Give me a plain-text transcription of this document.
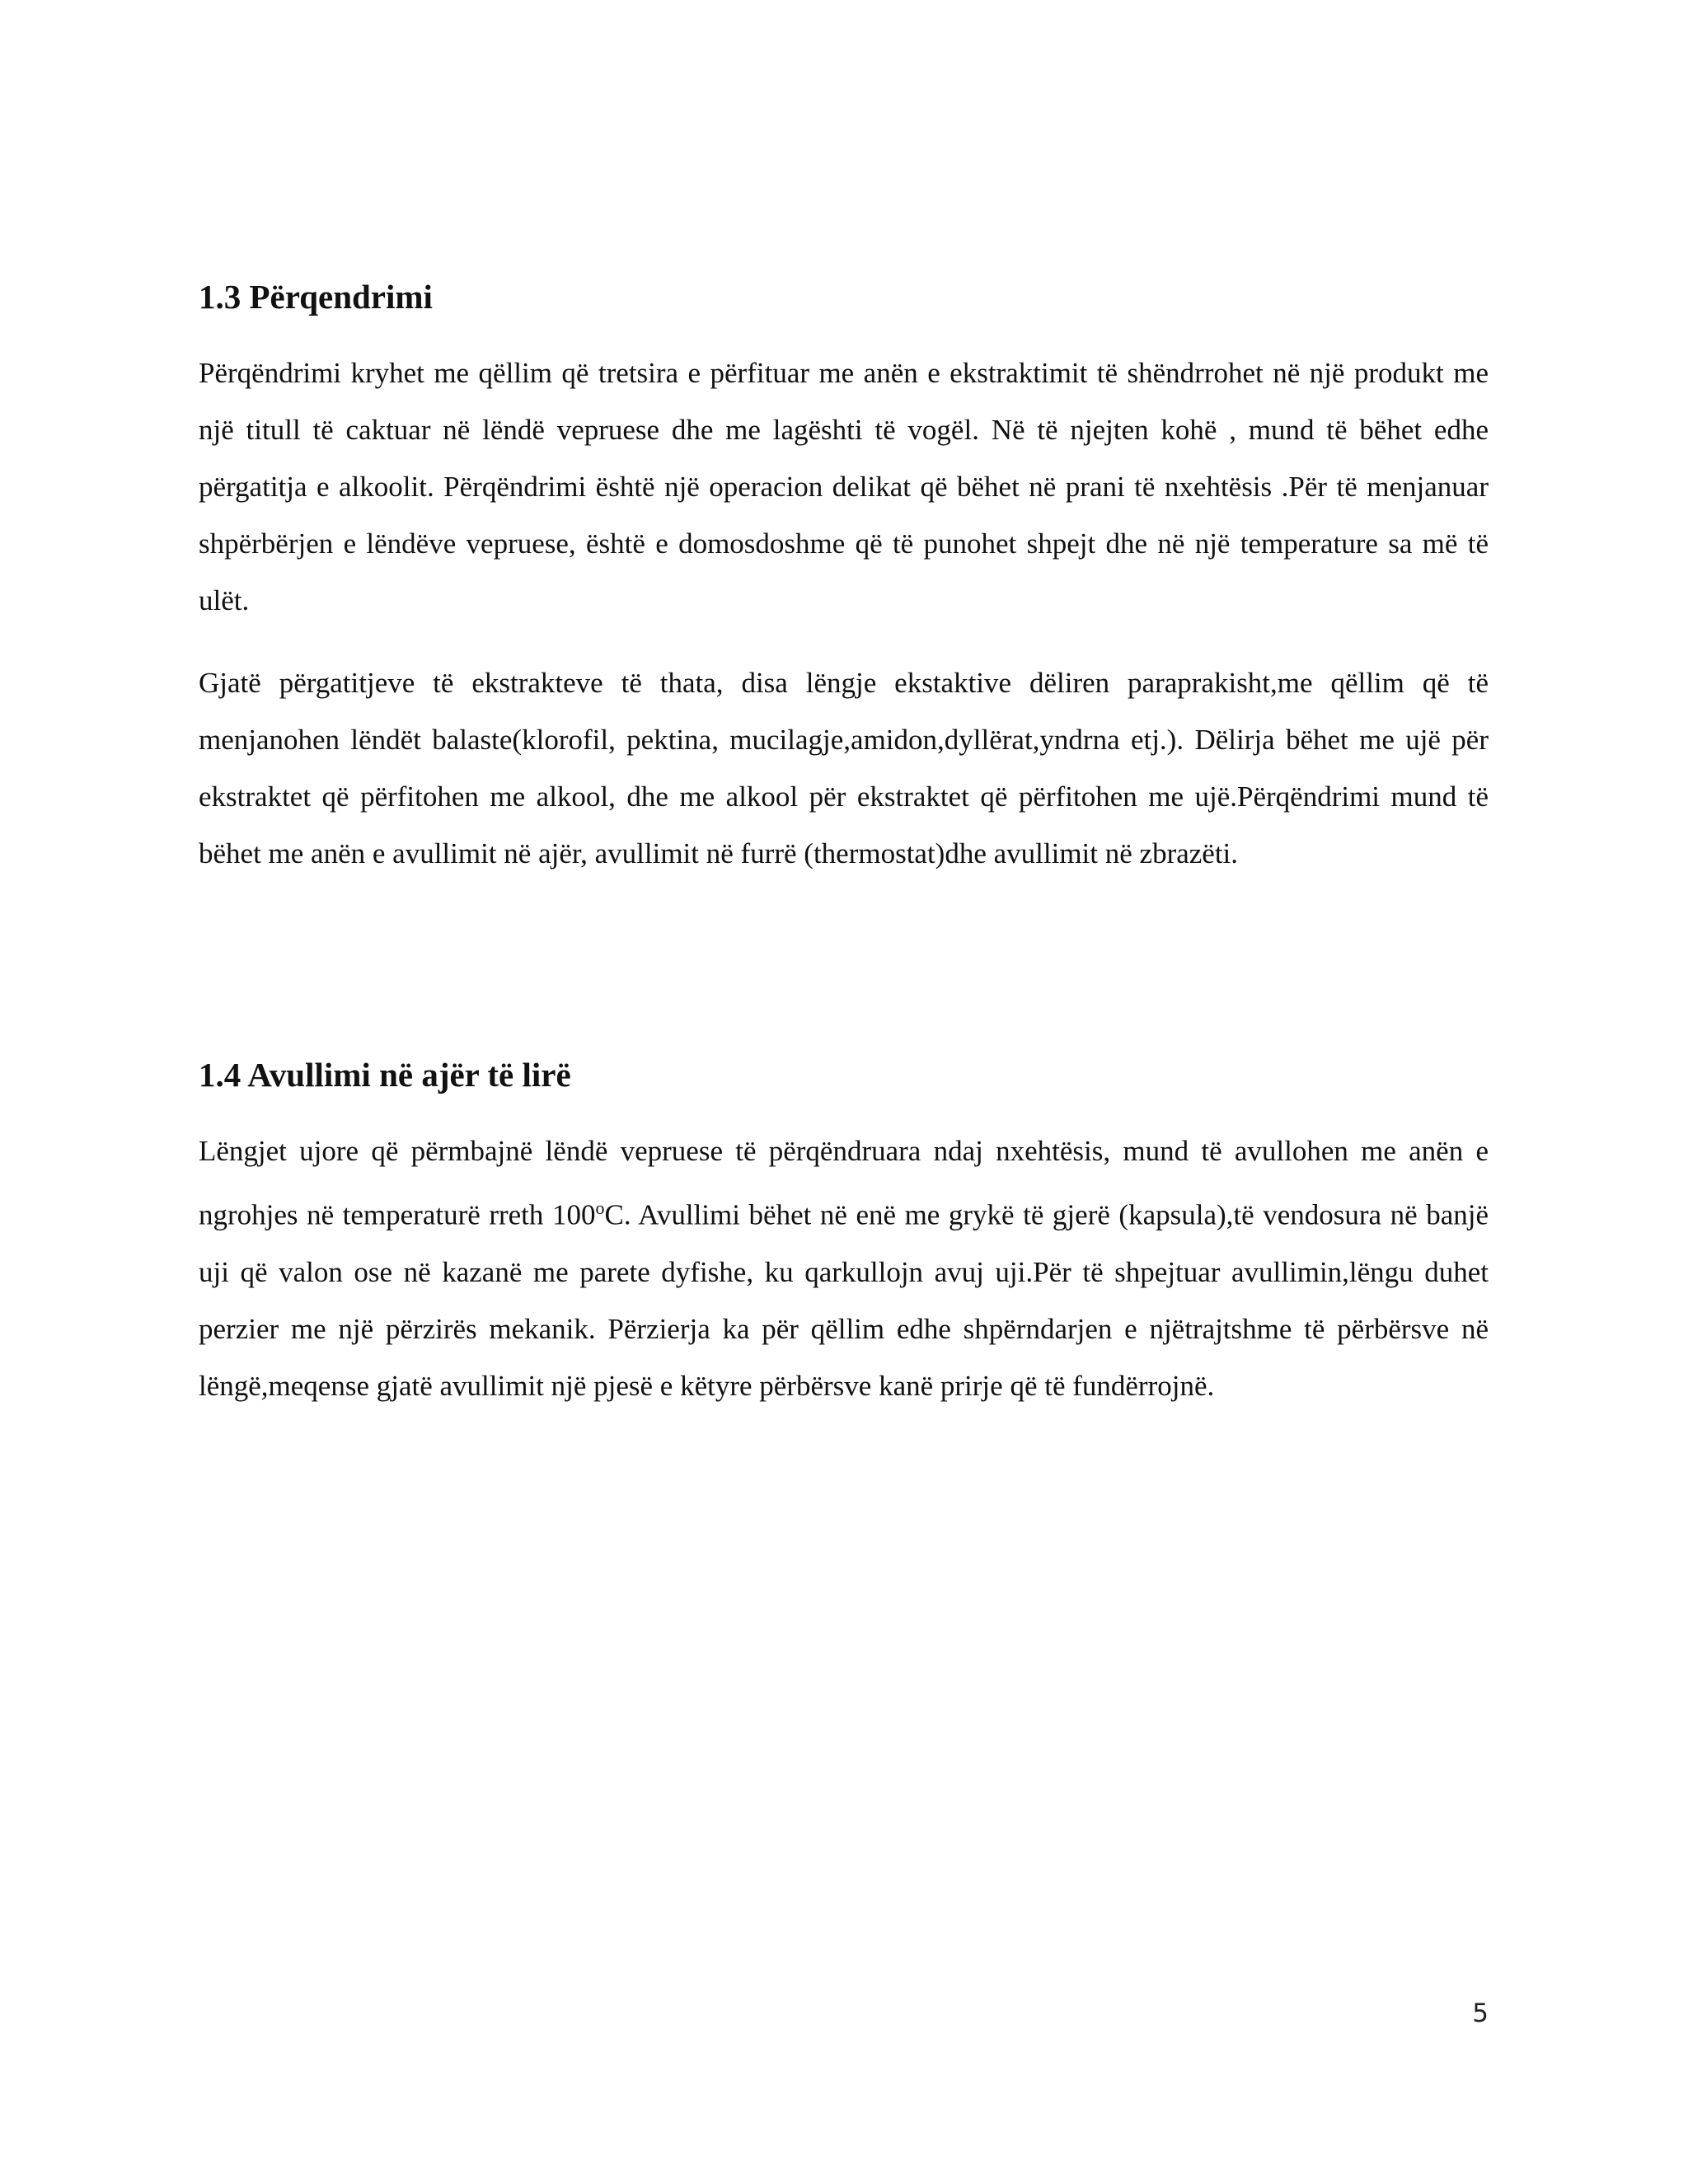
1.3 Përqendrimi

Përqëndrimi kryhet me qëllim që tretsira e përfituar me anën e ekstraktimit të shëndrrohet në një produkt me një titull të caktuar në lëndë vepruese dhe me lagështi të vogël. Në të njejten kohë , mund të bëhet edhe përgatitja e alkoolit. Përqëndrimi është një operacion delikat që bëhet në prani të nxehtësis .Për të menjanuar shpërbërjen e lëndëve vepruese, është e domosdoshme që të punohet shpejt dhe në një temperature sa më të ulët.

Gjatë përgatitjeve të ekstrakteve të thata, disa lëngje ekstaktive dëliren paraprakisht,me qëllim që të menjanohen lëndët balaste(klorofil, pektina, mucilagje,amidon,dyllërat,yndrna etj.). Dëlirja bëhet me ujë për ekstraktet që përfitohen me alkool, dhe me alkool për ekstraktet që përfitohen me ujë.Përqëndrimi mund të bëhet me anën e avullimit në ajër, avullimit në furrë (thermostat)dhe avullimit në zbrazëti.

1.4 Avullimi në ajër të lirë

Lëngjet ujore që përmbajnë lëndë vepruese të përqëndruara ndaj nxehtësis, mund të avullohen me anën e ngrohjes në temperaturë rreth 100$^o$C. Avullimi bëhet në enë me grykë të gjerë (kapsula),të vendosura në banjë uji që valon ose në kazanë me parete dyfishe, ku qarkullojn avuj uji.Për të shpejtuar avullimin,lëngu duhet perzier me një përzirës mekanik. Përzierja ka për qëllim edhe shpërndarjen e njëtrajtshme të përbërsve në lëngë,meqense gjatë avullimit një pjesë e këtyre përbërsve kanë prirje që të fundërrojnë.

5
